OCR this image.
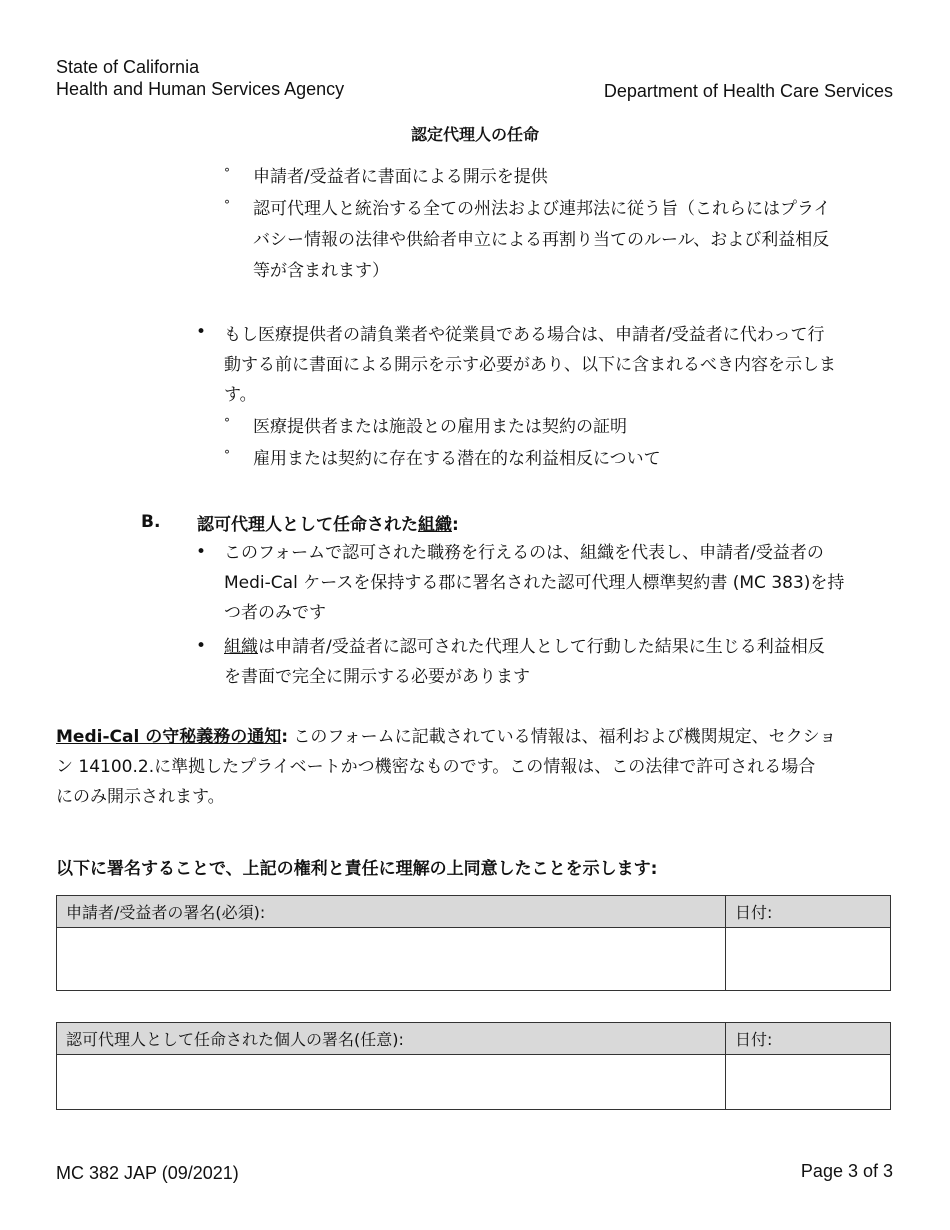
State of California
Health and Human Services Agency	Department of Health Care Services
認定代理人の任命
° 申請者/受益者に書面による開示を提供
° 認可代理人と統治する全ての州法および連邦法に従う旨（これらにはプライ
バシー情報の法律や供給者申立による再割り当てのルール、および利益相反
等が含まれます）
• もし医療提供者の請負業者や従業員である場合は、申請者/受益者に代わって行
動する前に書面による開示を示す必要があり、以下に含まれるべき内容を示しま
す。
° 医療提供者または施設との雇用または契約の証明
° 雇用または契約に存在する潜在的な利益相反について
B. 認可代理人として任命された組織:
• このフォームで認可された職務を行えるのは、組織を代表し、申請者/受益者の
Medi-Cal ケースを保持する郡に署名された認可代理人標準契約書 (MC 383)を持
つ者のみです
• 組織は申請者/受益者に認可された代理人として行動した結果に生じる利益相反
を書面で完全に開示する必要があります
Medi-Cal の守秘義務の通知: このフォームに記載されている情報は、福利および機関規定、セクショ
ン 14100.2.に準拠したプライベートかつ機密なものです。この情報は、この法律で許可される場合
にのみ開示されます。
以下に署名することで、上記の権利と責任に理解の上同意したことを示します:
申請者/受益者の署名(必須):	日付:

認可代理人として任命された個人の署名(任意):	日付:

MC 382 JAP (09/2021)	Page 3 of 3
